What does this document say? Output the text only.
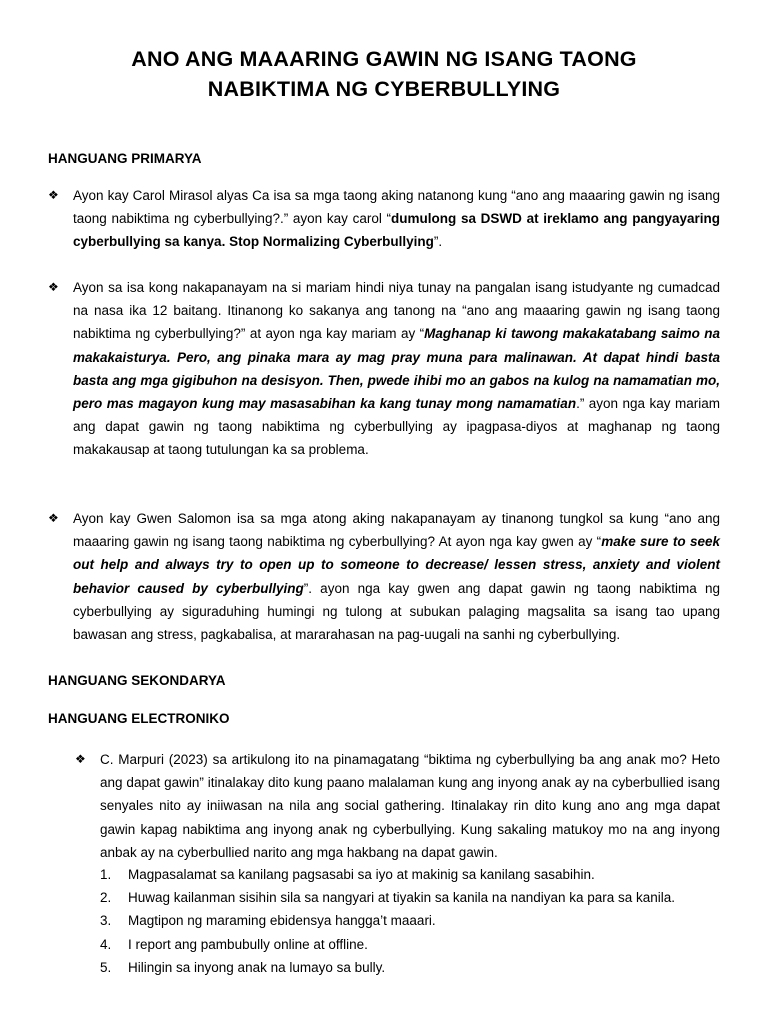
ANO ANG MAAARING GAWIN NG ISANG TAONG
NABIKTIMA NG CYBERBULLYING
HANGUANG PRIMARYA
❖	Ayon kay Carol Mirasol alyas Ca isa sa mga taong aking natanong kung “ano ang maaaring gawin ng isang taong nabiktima ng cyberbullying?.” ayon kay carol “dumulong sa DSWD at ireklamo ang pangyayaring cyberbullying sa kanya. Stop Normalizing Cyberbullying”.
❖	Ayon sa isa kong nakapanayam na si mariam hindi niya tunay na pangalan isang istudyante ng cumadcad na nasa ika 12 baitang. Itinanong ko sakanya ang tanong na “ano ang maaaring gawin ng isang taong nabiktima ng cyberbullying?” at ayon nga kay mariam ay “Maghanap ki tawong makakatabang saimo na makakaisturya. Pero, ang pinaka mara ay mag pray muna para malinawan. At dapat hindi basta basta ang mga gigibuhon na desisyon. Then, pwede ihibi mo an gabos na kulog na namamatian mo, pero mas magayon kung may masasabihan ka kang tunay mong namamatian.” ayon nga kay mariam ang dapat gawin ng taong nabiktima ng cyberbullying ay ipagpasa-diyos at maghanap ng taong makakausap at taong tutulungan ka sa problema.
❖	Ayon kay Gwen Salomon isa sa mga atong aking nakapanayam ay tinanong tungkol sa kung “ano ang maaaring gawin ng isang taong nabiktima ng cyberbullying? At ayon nga kay gwen ay “make sure to seek out help and always try to open up to someone to decrease/ lessen stress, anxiety and violent behavior caused by cyberbullying”. ayon nga kay gwen ang dapat gawin ng taong nabiktima ng cyberbullying ay siguraduhing humingi ng tulong at subukan palaging magsalita sa isang tao upang bawasan ang stress, pagkabalisa, at mararahasan na pag-uugali na sanhi ng cyberbullying.
HANGUANG SEKONDARYA
HANGUANG ELECTRONIKO
❖	C. Marpuri (2023) sa artikulong ito na pinamagatang “biktima ng cyberbullying ba ang anak mo? Heto ang dapat gawin” itinalakay dito kung paano malalaman kung ang inyong anak ay na cyberbullied isang senyales nito ay iniiwasan na nila ang social gathering. Itinalakay rin dito kung ano ang mga dapat gawin kapag nabiktima ang inyong anak ng cyberbullying. Kung sakaling matukoy mo na ang inyong anbak ay na cyberbullied narito ang mga hakbang na dapat gawin.
1. Magpasalamat sa kanilang pagsasabi sa iyo at makinig sa kanilang sasabihin.
2. Huwag kailanman sisihin sila sa nangyari at tiyakin sa kanila na nandiyan ka para sa kanila.
3. Magtipon ng maraming ebidensya hangga’t maaari.
4. I report ang pambubully online at offline.
5. Hilingin sa inyong anak na lumayo sa bully.
